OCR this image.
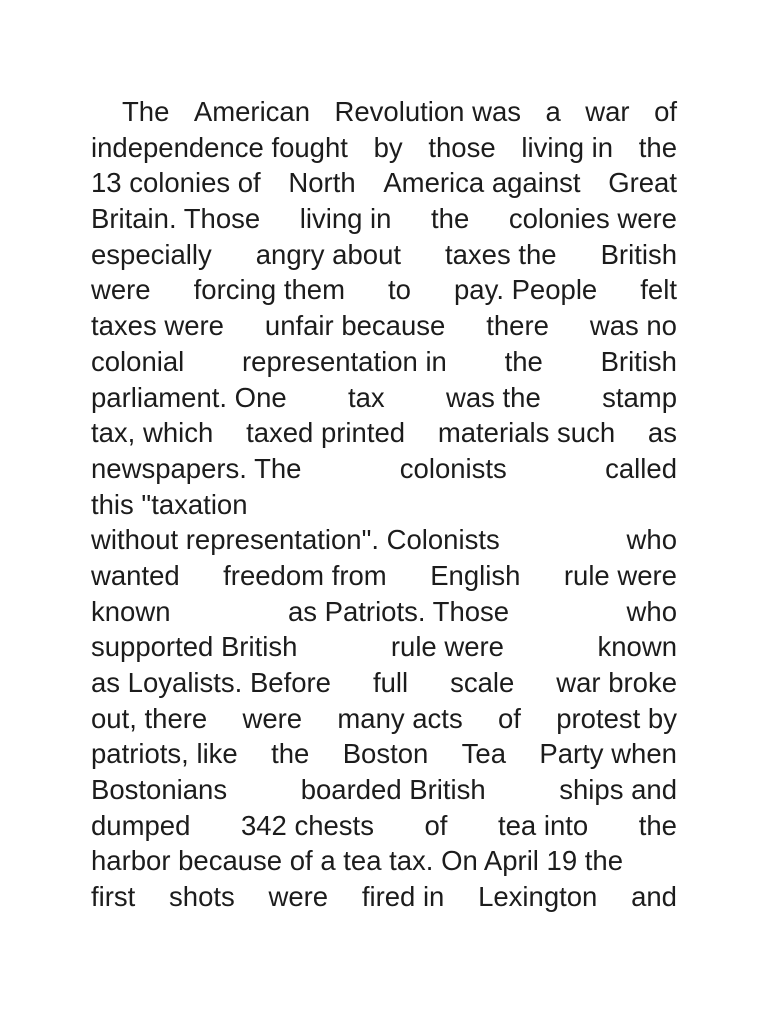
The American Revolution was a war of
independence fought by those living in the
13 colonies of North America against Great
Britain. Those living in the colonies were
especially angry about taxes the British
were forcing them to pay. People felt
taxes were unfair because there was no
colonial representation in the British
parliament. One tax was the stamp
tax, which taxed printed materials such as
newspapers. The	colonists	called
this "taxation
without representation". Colonists	who
wanted freedom from English rule were
known	as Patriots. Those	who
supported British	rule were	known
as Loyalists. Before full scale war broke
out, there were many acts of protest by
patriots, like the Boston Tea Party when
Bostonians	boarded British	ships and
dumped 342 chests of tea into the
harbor because of a tea tax. On April 19 the
first shots were fired in Lexington and
